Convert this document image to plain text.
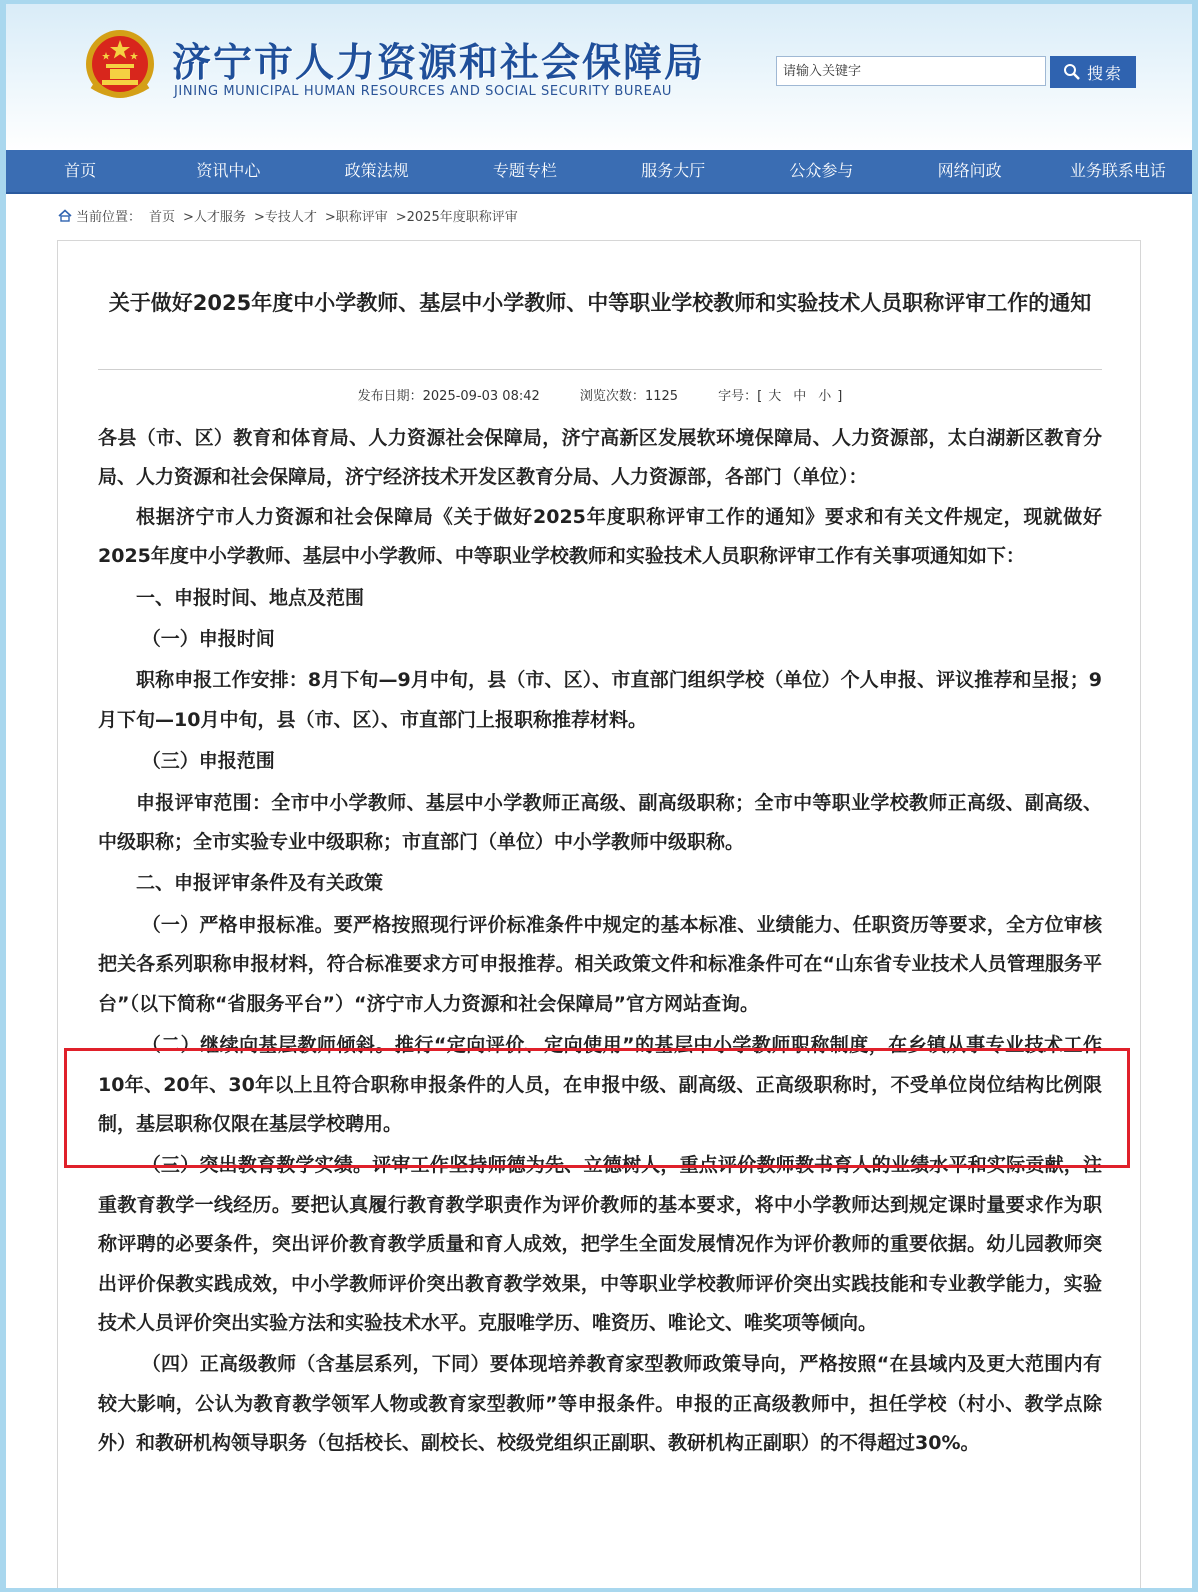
济宁市人力资源和社会保障局
JINING MUNICIPAL HUMAN RESOURCES AND SOCIAL SECURITY BUREAU
请输入关键字
搜索
首页	资讯中心	政策法规	专题专栏	服务大厅	公众参与	网络问政	业务联系电话
当前位置： 首页 >人才服务 >专技人才 >职称评审 >2025年度职称评审
关于做好2025年度中小学教师、基层中小学教师、中等职业学校教师和实验技术人员职称评审工作的通知
发布日期：2025-09-03 08:42	浏览次数：1125	字号：[ 大 中 小 ]

各县（市、区）教育和体育局、人力资源社会保障局，济宁高新区发展软环境保障局、人力资源部，太白湖新区教育分局、人力资源和社会保障局，济宁经济技术开发区教育分局、人力资源部，各部门（单位）：

根据济宁市人力资源和社会保障局《关于做好2025年度职称评审工作的通知》要求和有关文件规定，现就做好2025年度中小学教师、基层中小学教师、中等职业学校教师和实验技术人员职称评审工作有关事项通知如下：

一、申报时间、地点及范围

（一）申报时间

职称申报工作安排：8月下旬—9月中旬，县（市、区）、市直部门组织学校（单位）个人申报、评议推荐和呈报；9月下旬—10月中旬，县（市、区）、市直部门上报职称推荐材料。

（三）申报范围

申报评审范围：全市中小学教师、基层中小学教师正高级、副高级职称；全市中等职业学校教师正高级、副高级、中级职称；全市实验专业中级职称；市直部门（单位）中小学教师中级职称。

二、申报评审条件及有关政策

（一）严格申报标准。要严格按照现行评价标准条件中规定的基本标准、业绩能力、任职资历等要求，全方位审核把关各系列职称申报材料，符合标准要求方可申报推荐。相关政策文件和标准条件可在“山东省专业技术人员管理服务平台”（以下简称“省服务平台”）“济宁市人力资源和社会保障局”官方网站查询。

（二）继续向基层教师倾斜。推行“定向评价、定向使用”的基层中小学教师职称制度，在乡镇从事专业技术工作10年、20年、30年以上且符合职称申报条件的人员，在申报中级、副高级、正高级职称时，不受单位岗位结构比例限制，基层职称仅限在基层学校聘用。

（三）突出教育教学实绩。评审工作坚持师德为先、立德树人，重点评价教师教书育人的业绩水平和实际贡献，注重教育教学一线经历。要把认真履行教育教学职责作为评价教师的基本要求，将中小学教师达到规定课时量要求作为职称评聘的必要条件，突出评价教育教学质量和育人成效，把学生全面发展情况作为评价教师的重要依据。幼儿园教师突出评价保教实践成效，中小学教师评价突出教育教学效果，中等职业学校教师评价突出实践技能和专业教学能力，实验技术人员评价突出实验方法和实验技术水平。克服唯学历、唯资历、唯论文、唯奖项等倾向。

（四）正高级教师（含基层系列，下同）要体现培养教育家型教师政策导向，严格按照“在县域内及更大范围内有较大影响，公认为教育教学领军人物或教育家型教师”等申报条件。申报的正高级教师中，担任学校（村小、教学点除外）和教研机构领导职务（包括校长、副校长、校级党组织正副职、教研机构正副职）的不得超过30%。
